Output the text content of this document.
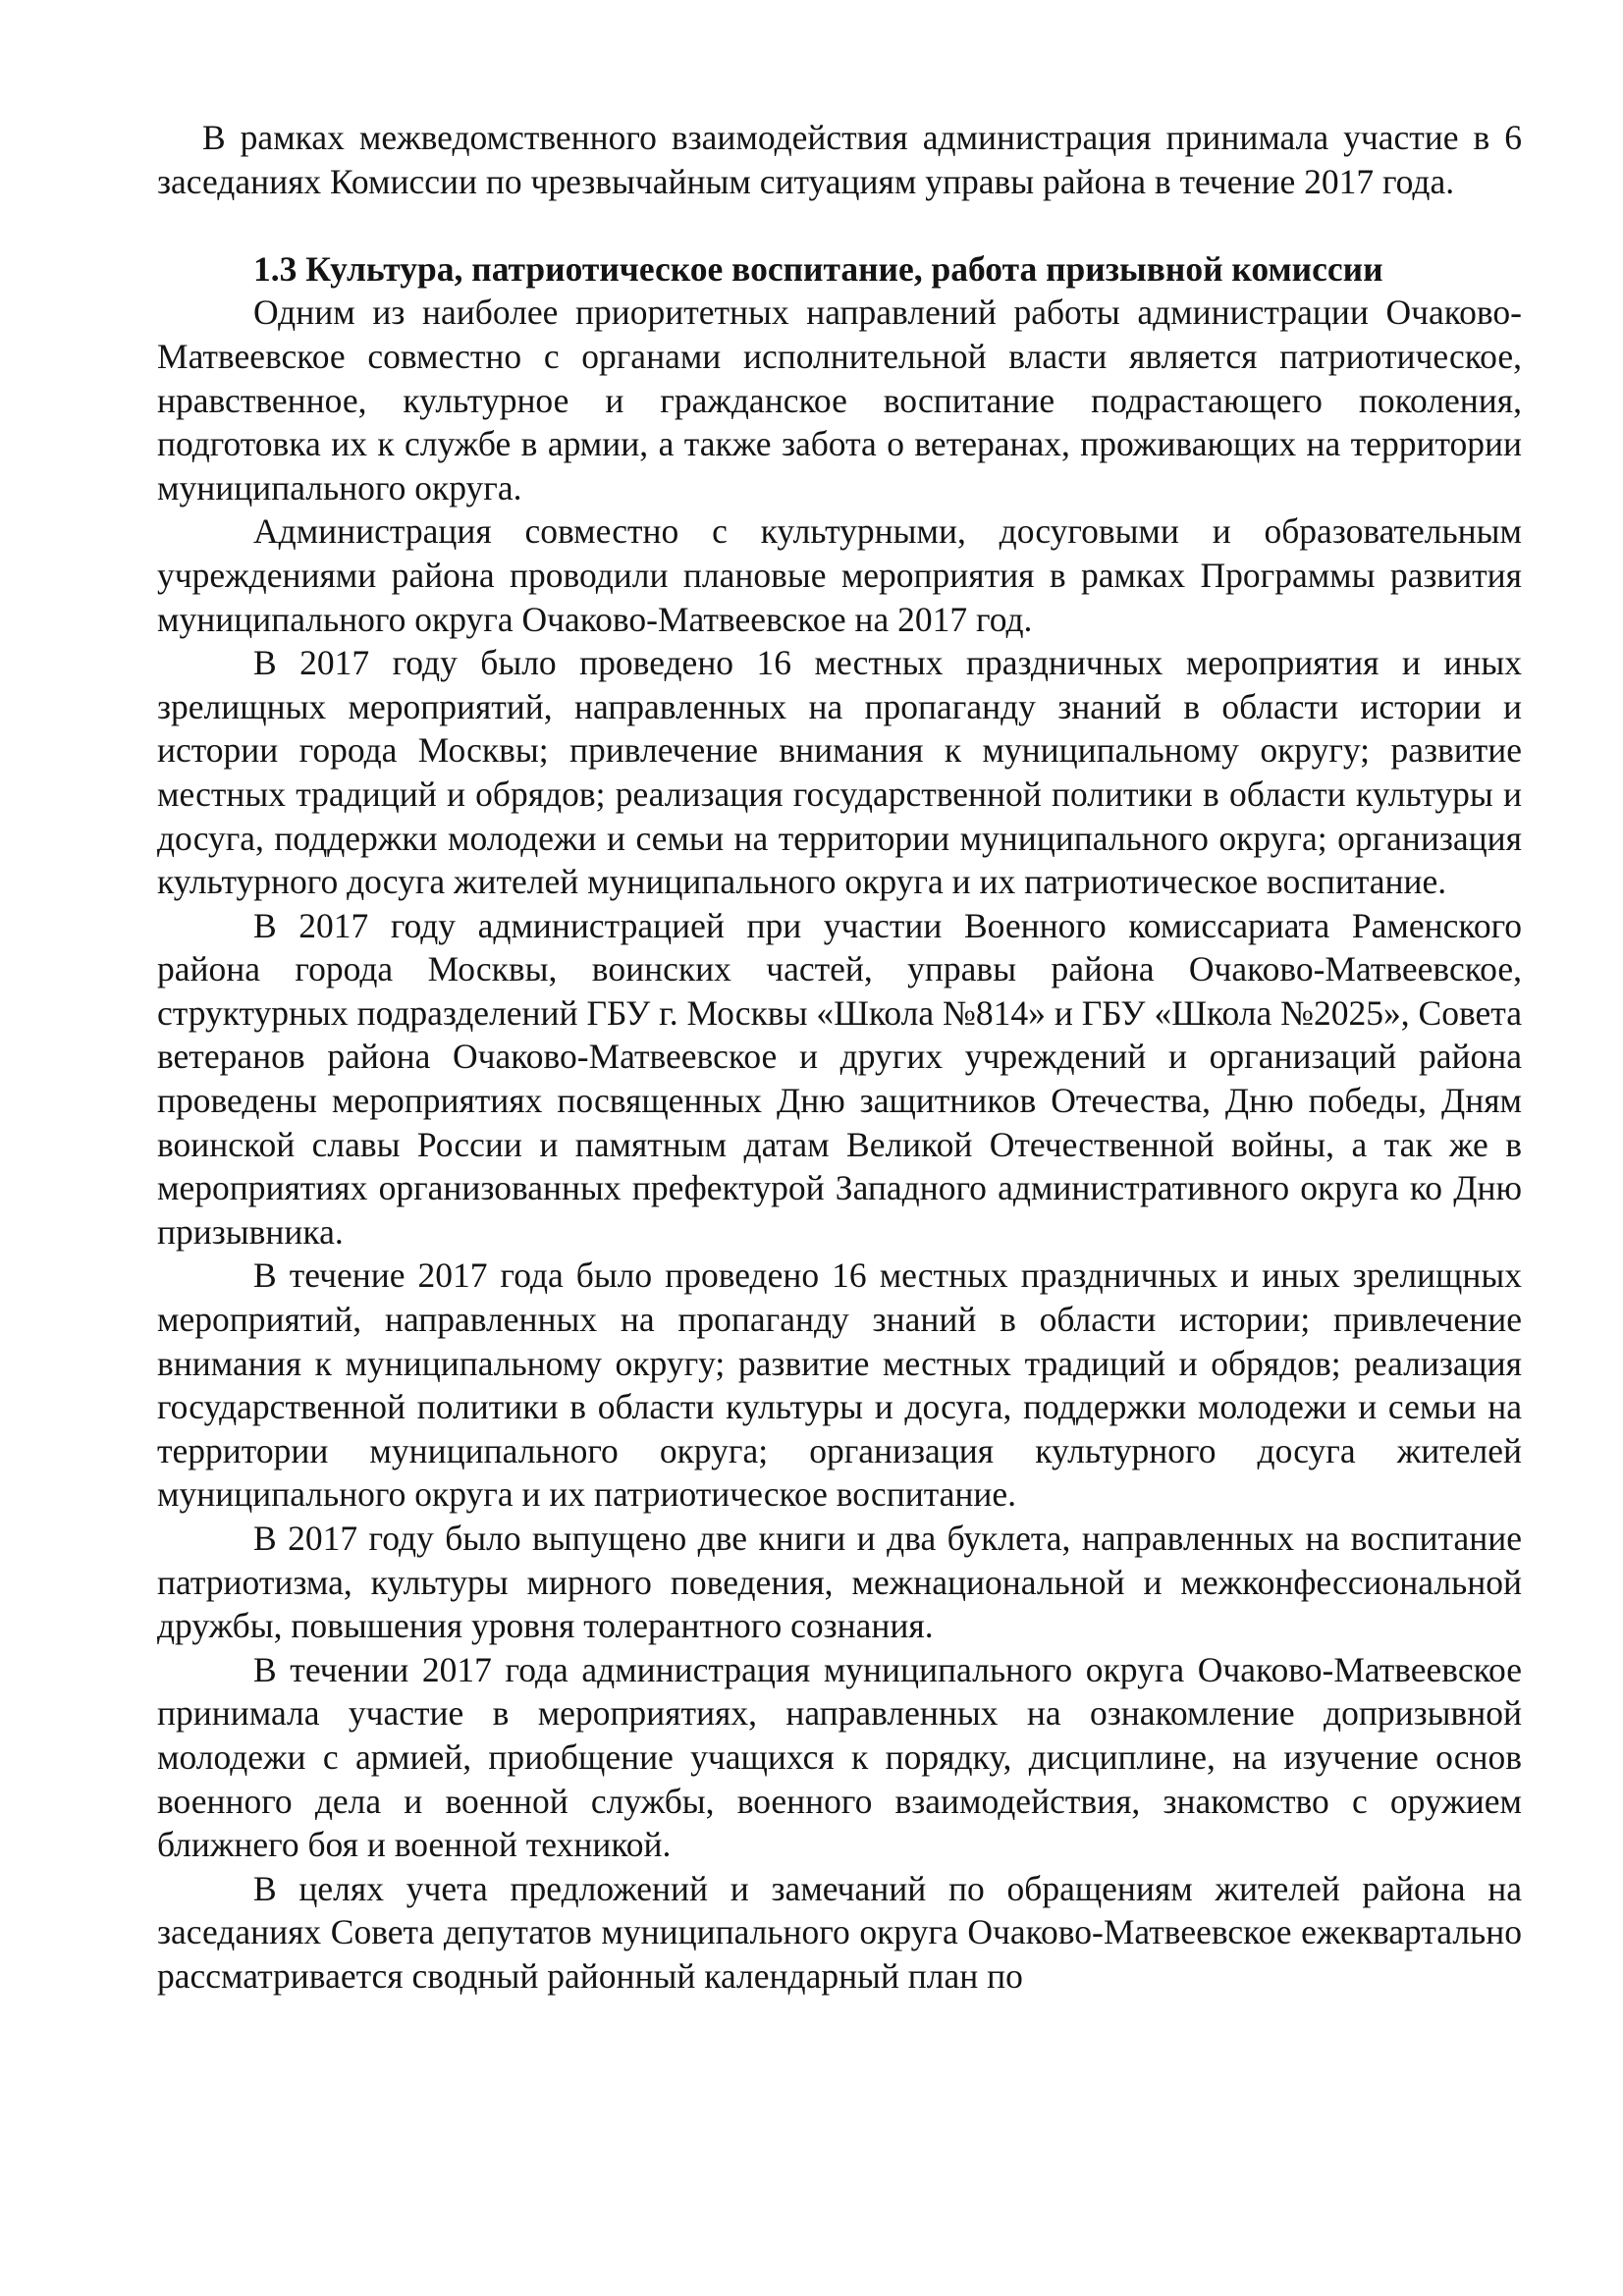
В рамках межведомственного взаимодействия администрация принимала участие в 6 заседаниях Комиссии по чрезвычайным ситуациям управы района в течение 2017 года.

1.3 Культура, патриотическое воспитание, работа призывной комиссии

Одним из наиболее приоритетных направлений работы администрации Очаково-Матвеевское совместно с органами исполнительной власти является патриотическое, нравственное, культурное и гражданское воспитание подрастающего поколения, подготовка их к службе в армии, а также забота о ветеранах, проживающих на территории муниципального округа.

Администрация совместно с культурными, досуговыми и образовательным учреждениями района проводили плановые мероприятия в рамках Программы развития муниципального округа Очаково-Матвеевское на 2017 год.

В 2017 году было проведено 16 местных праздничных мероприятия и иных зрелищных мероприятий, направленных на пропаганду знаний в области истории и истории города Москвы; привлечение внимания к муниципальному округу; развитие местных традиций и обрядов; реализация государственной политики в области культуры и досуга, поддержки молодежи и семьи на территории муниципального округа; организация культурного досуга жителей муниципального округа и их патриотическое воспитание.

В 2017 году администрацией при участии Военного комиссариата Раменского района города Москвы, воинских частей, управы района Очаково-Матвеевское, структурных подразделений ГБУ г. Москвы «Школа №814» и ГБУ «Школа №2025», Совета ветеранов района Очаково-Матвеевское и других учреждений и организаций района проведены мероприятиях посвященных Дню защитников Отечества, Дню победы, Дням воинской славы России и памятным датам Великой Отечественной войны, а так же в мероприятиях организованных префектурой Западного административного округа ко Дню призывника.

В течение 2017 года было проведено 16 местных праздничных и иных зрелищных мероприятий, направленных на пропаганду знаний в области истории; привлечение внимания к муниципальному округу; развитие местных традиций и обрядов; реализация государственной политики в области культуры и досуга, поддержки молодежи и семьи на территории муниципального округа; организация культурного досуга жителей муниципального округа и их патриотическое воспитание.

В 2017 году было выпущено две книги и два буклета, направленных на воспитание патриотизма, культуры мирного поведения, межнациональной и межконфессиональной дружбы, повышения уровня толерантного сознания.

В течении 2017 года администрация муниципального округа Очаково-Матвеевское принимала участие в мероприятиях, направленных на ознакомление допризывной молодежи с армией, приобщение учащихся к порядку, дисциплине, на изучение основ военного дела и военной службы, военного взаимодействия, знакомство с оружием ближнего боя и военной техникой.

В целях учета предложений и замечаний по обращениям жителей района на заседаниях Совета депутатов муниципального округа Очаково-Матвеевское ежеквартально рассматривается сводный районный календарный план по
